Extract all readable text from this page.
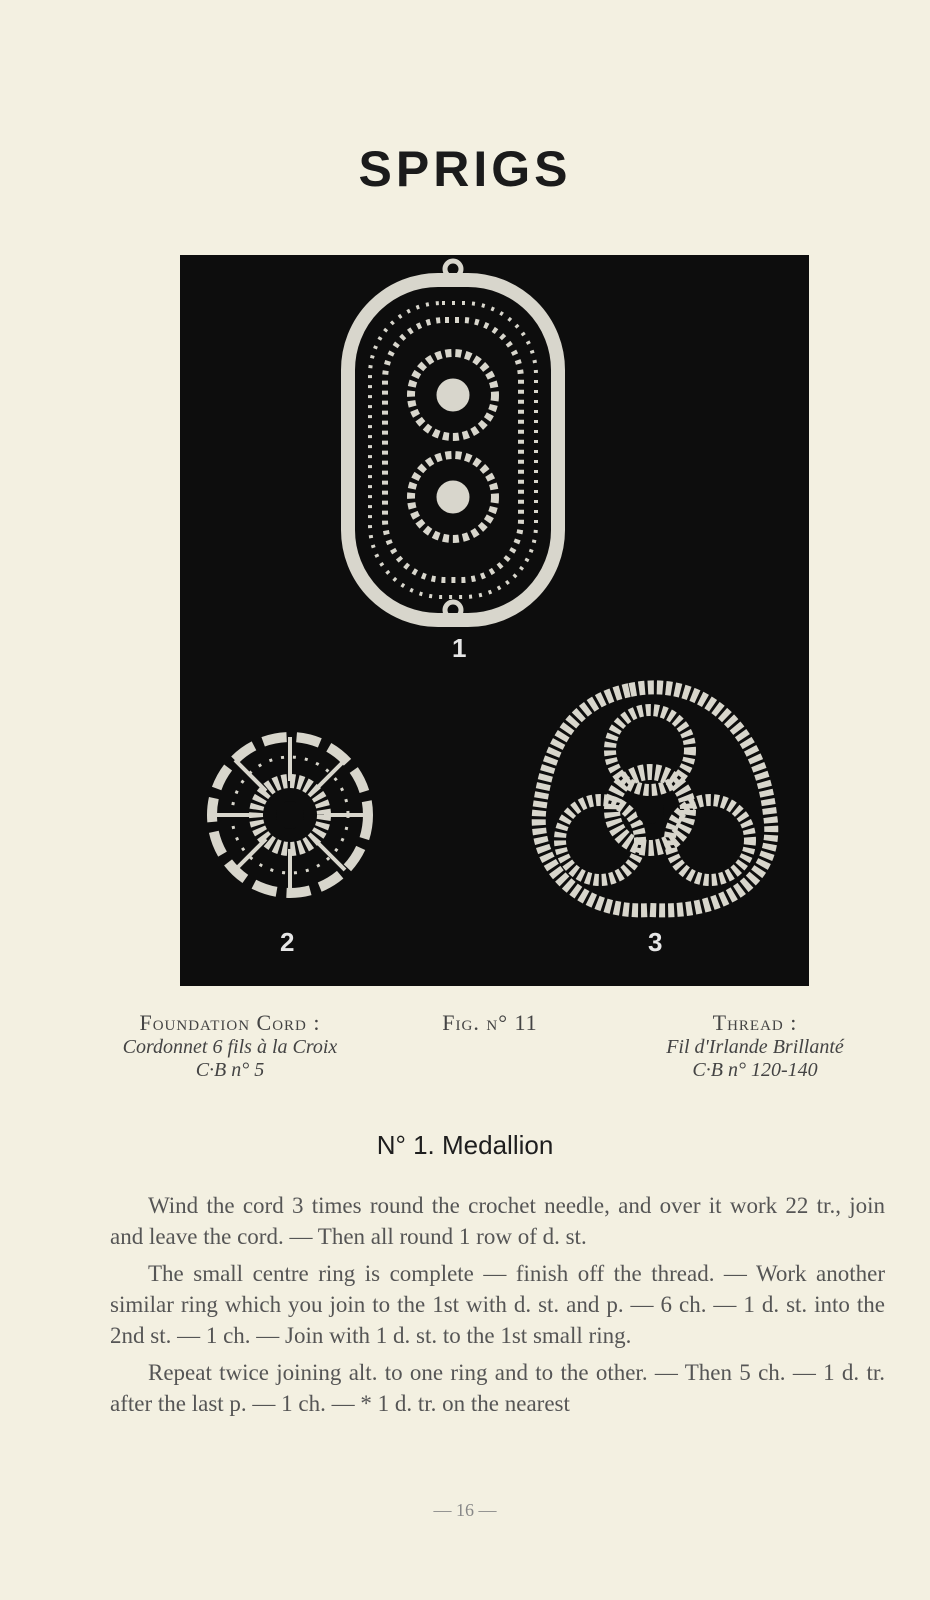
SPRIGS
1
2	3
Foundation Cord :
Cordonnet 6 fils à la Croix
C·B n° 5
Fig. n° 11	Thread :
Fil d'Irlande Brillanté
C·B n° 120-140
N° 1. Medallion

Wind the cord 3 times round the crochet needle, and over it work 22 tr., join and leave the cord. — Then all round 1 row of d. st.

The small centre ring is complete — finish off the thread. — Work another similar ring which you join to the 1st with d. st. and p. — 6 ch. — 1 d. st. into the 2nd st. — 1 ch. — Join with 1 d. st. to the 1st small ring.

Repeat twice joining alt. to one ring and to the other. — Then 5 ch. — 1 d. tr. after the last p. — 1 ch. — * 1 d. tr. on the nearest

— 16 —
